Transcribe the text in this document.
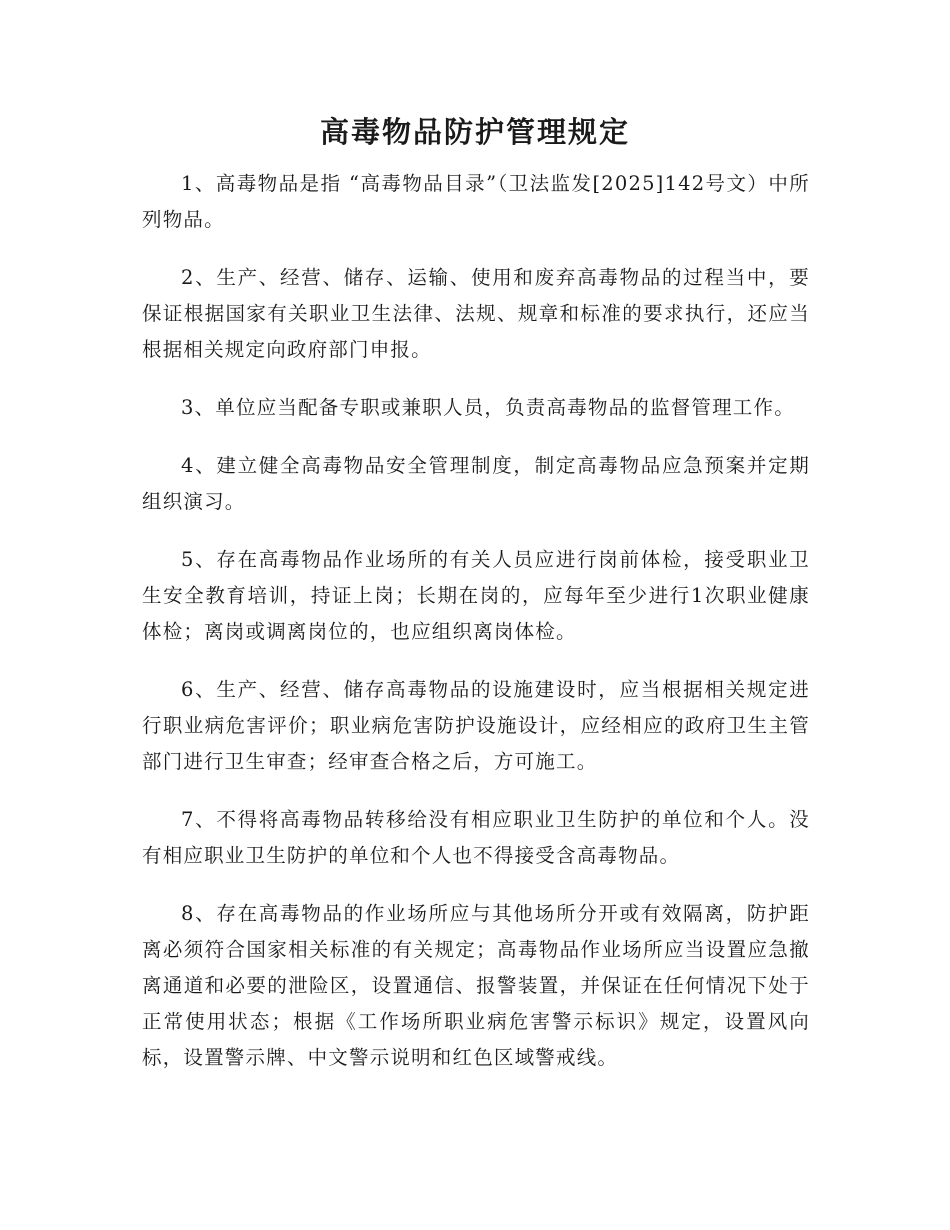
高毒物品防护管理规定

1、高毒物品是指 “高毒物品目录”（卫法监发[2025]142号文）中所列物品。

2、生产、经营、储存、运输、使用和废弃高毒物品的过程当中，要保证根据国家有关职业卫生法律、法规、规章和标准的要求执行，还应当根据相关规定向政府部门申报。

3、单位应当配备专职或兼职人员，负责高毒物品的监督管理工作。

4、建立健全高毒物品安全管理制度，制定高毒物品应急预案并定期组织演习。

5、存在高毒物品作业场所的有关人员应进行岗前体检，接受职业卫生安全教育培训，持证上岗；长期在岗的，应每年至少进行1次职业健康体检；离岗或调离岗位的，也应组织离岗体检。

6、生产、经营、储存高毒物品的设施建设时，应当根据相关规定进行职业病危害评价；职业病危害防护设施设计，应经相应的政府卫生主管部门进行卫生审查；经审查合格之后，方可施工。

7、不得将高毒物品转移给没有相应职业卫生防护的单位和个人。没有相应职业卫生防护的单位和个人也不得接受含高毒物品。

8、存在高毒物品的作业场所应与其他场所分开或有效隔离，防护距离必须符合国家相关标准的有关规定；高毒物品作业场所应当设置应急撤离通道和必要的泄险区，设置通信、报警装置，并保证在任何情况下处于正常使用状态；根据《工作场所职业病危害警示标识》规定，设置风向标，设置警示牌、中文警示说明和红色区域警戒线。
